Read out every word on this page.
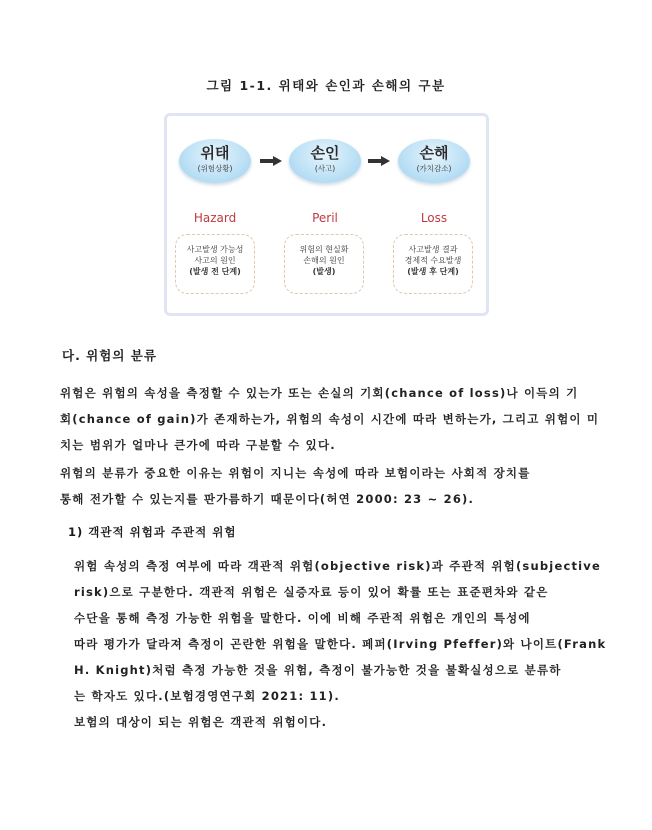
그림 1-1. 위태와 손인과 손해의 구분
위태
(위험상황)
손인
(사고)
손해
(가치감소)
Hazard	Peril	Loss
사고발생 가능성
사고의 원인
(발생 전 단계)
위험의 현실화
손해의 원인
(발생)
사고발생 결과
경제적 수요발생
(발생 후 단계)
다. 위험의 분류
위험은 위험의 속성을 측정할 수 있는가 또는 손실의 기회(chance of loss)나 이득의 기
회(chance of gain)가 존재하는가, 위험의 속성이 시간에 따라 변하는가, 그리고 위험이 미
치는 범위가 얼마나 큰가에 따라 구분할 수 있다.
위험의 분류가 중요한 이유는 위험이 지니는 속성에 따라 보험이라는 사회적 장치를
통해 전가할 수 있는지를 판가름하기 때문이다(허연 2000: 23 ~ 26).
1) 객관적 위험과 주관적 위험
위험 속성의 측정 여부에 따라 객관적 위험(objective risk)과 주관적 위험(subjective
risk)으로 구분한다. 객관적 위험은 실증자료 등이 있어 확률 또는 표준편차와 같은
수단을 통해 측정 가능한 위험을 말한다. 이에 비해 주관적 위험은 개인의 특성에
따라 평가가 달라져 측정이 곤란한 위험을 말한다. 페퍼(Irving Pfeffer)와 나이트(Frank
H. Knight)처럼 측정 가능한 것을 위험, 측정이 불가능한 것을 불확실성으로 분류하
는 학자도 있다.(보험경영연구회 2021: 11).
보험의 대상이 되는 위험은 객관적 위험이다.
